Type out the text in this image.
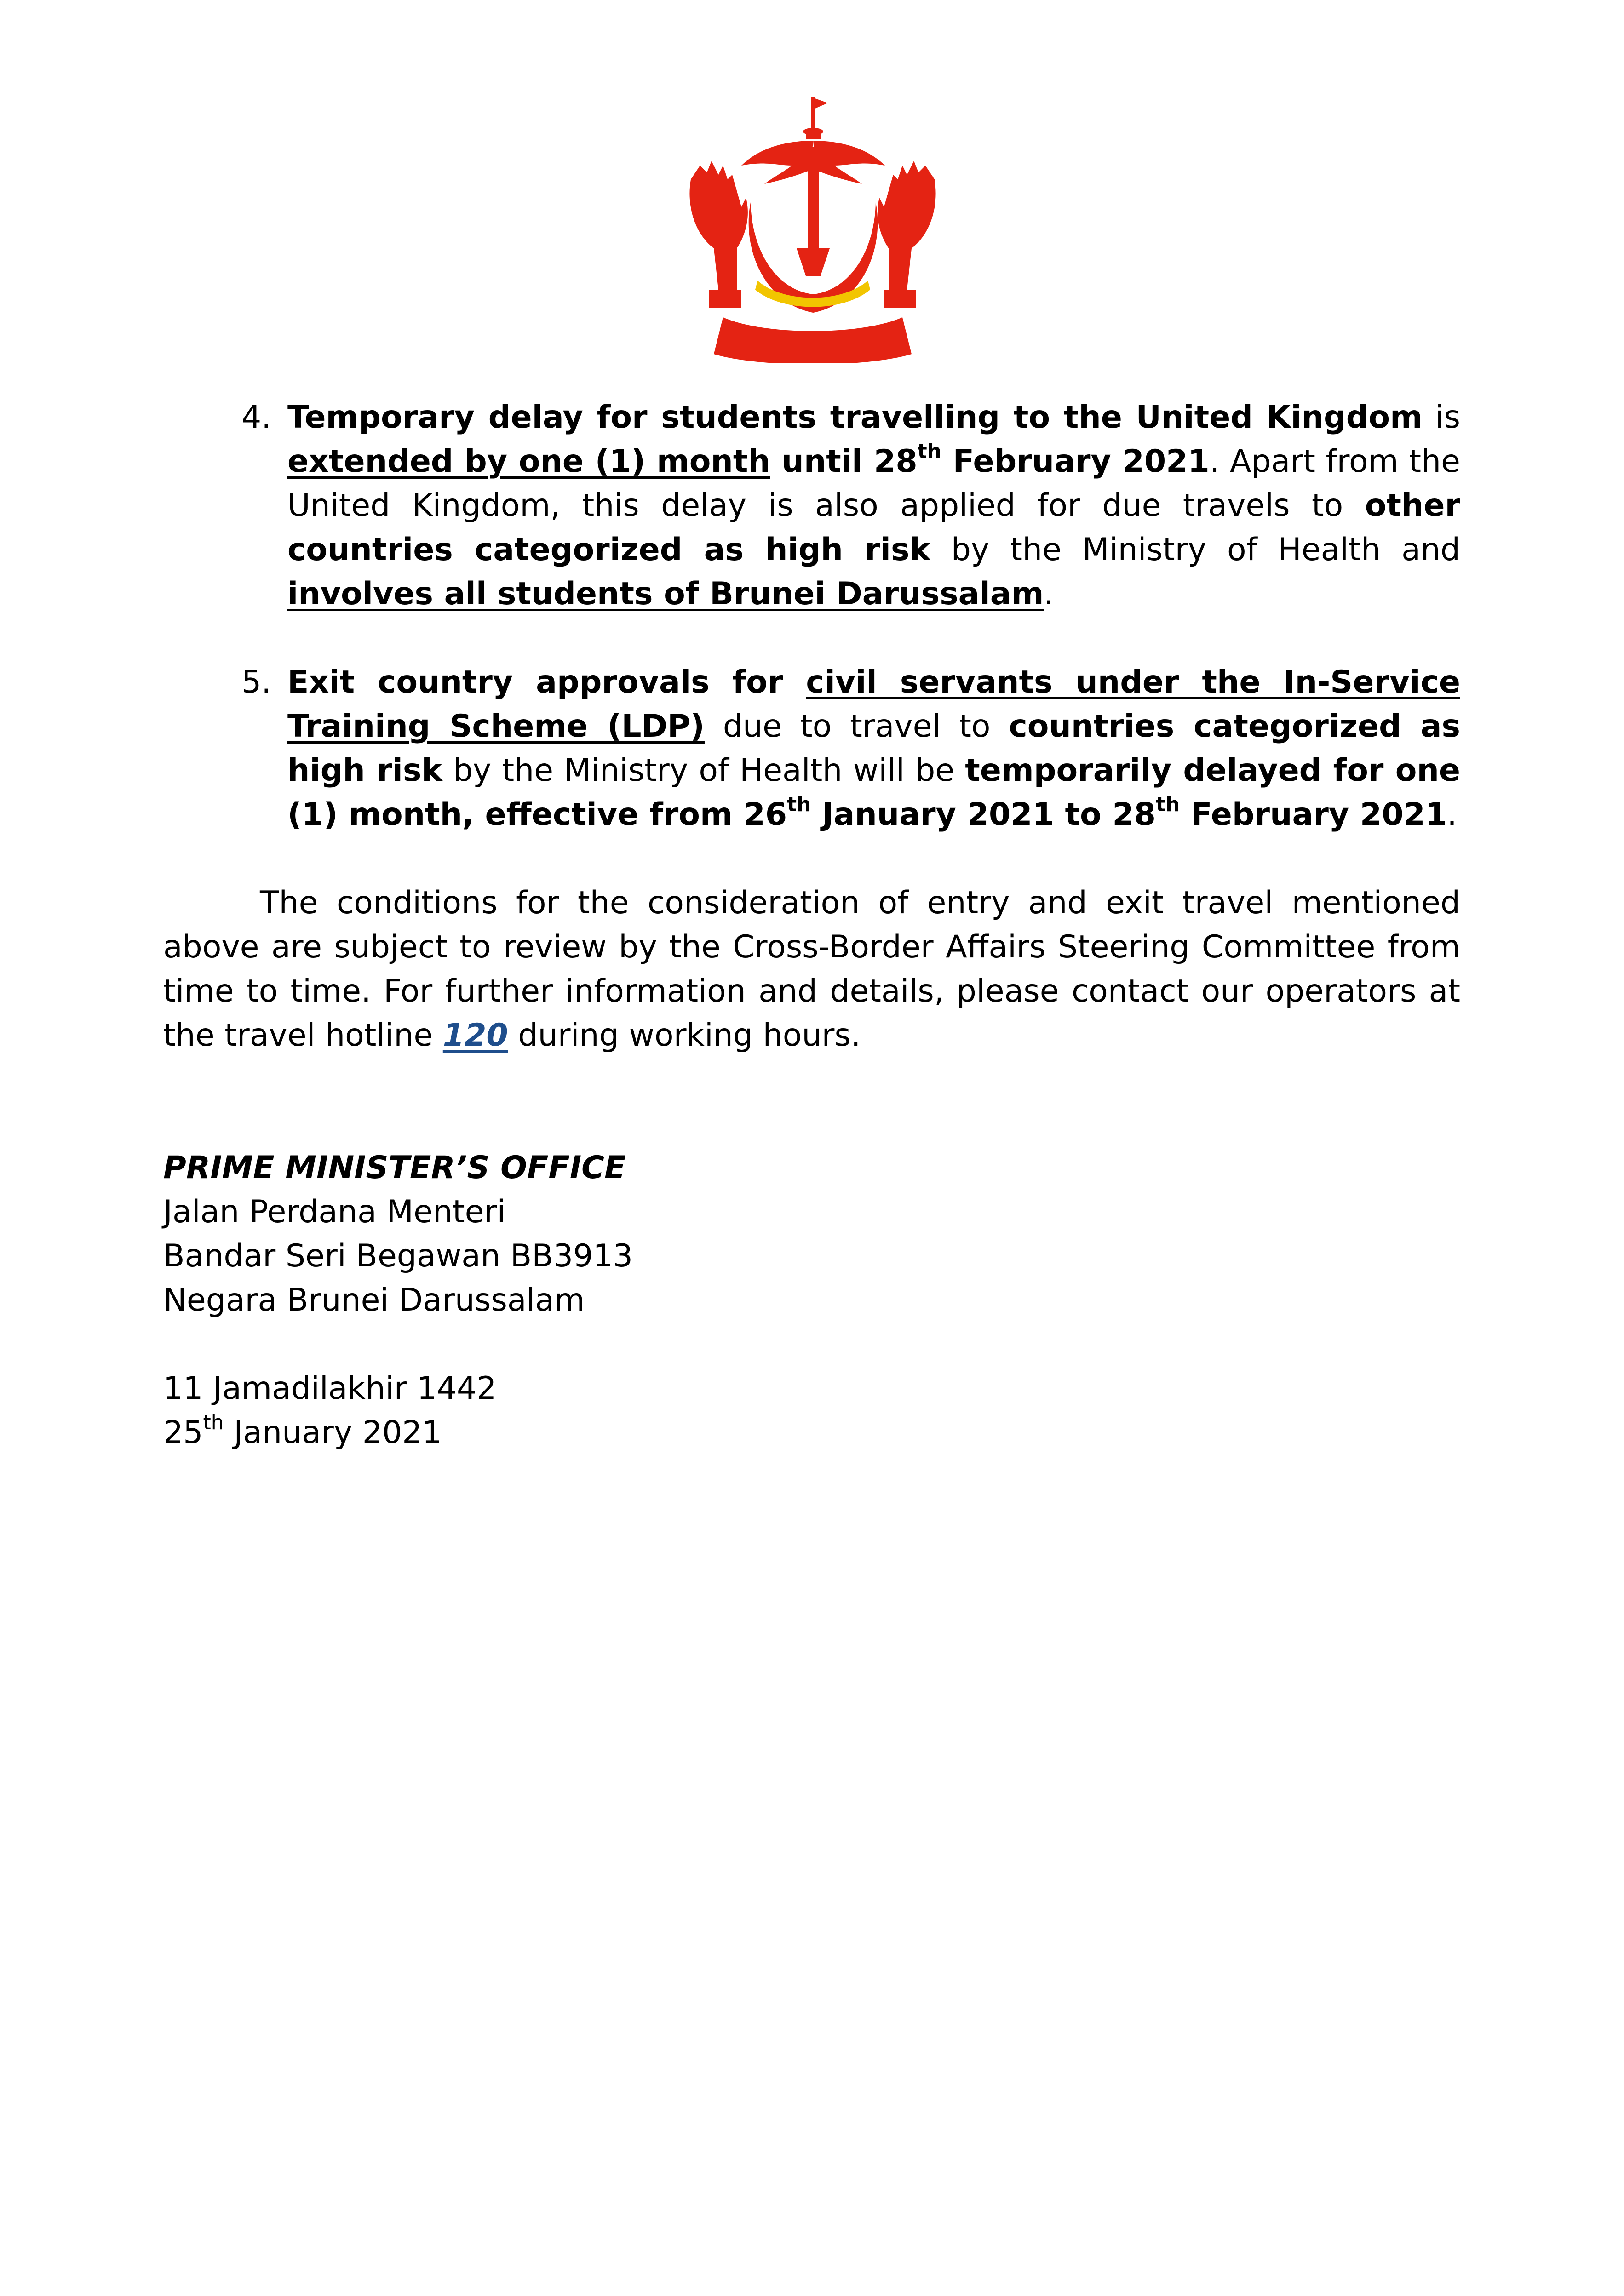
4. Temporary delay for students travelling to the United Kingdom is extended by one (1) month until 28th February 2021. Apart from the United Kingdom, this delay is also applied for due travels to other countries categorized as high risk by the Ministry of Health and involves all students of Brunei Darussalam.
5. Exit country approvals for civil servants under the In-Service Training Scheme (LDP) due to travel to countries categorized as high risk by the Ministry of Health will be temporarily delayed for one (1) month, effective from 26th January 2021 to 28th February 2021.
The conditions for the consideration of entry and exit travel mentioned above are subject to review by the Cross-Border Affairs Steering Committee from time to time. For further information and details, please contact our operators at the travel hotline 120 during working hours.
PRIME MINISTER’S OFFICE
Jalan Perdana Menteri
Bandar Seri Begawan BB3913
Negara Brunei Darussalam
11 Jamadilakhir 1442
25th January 2021
